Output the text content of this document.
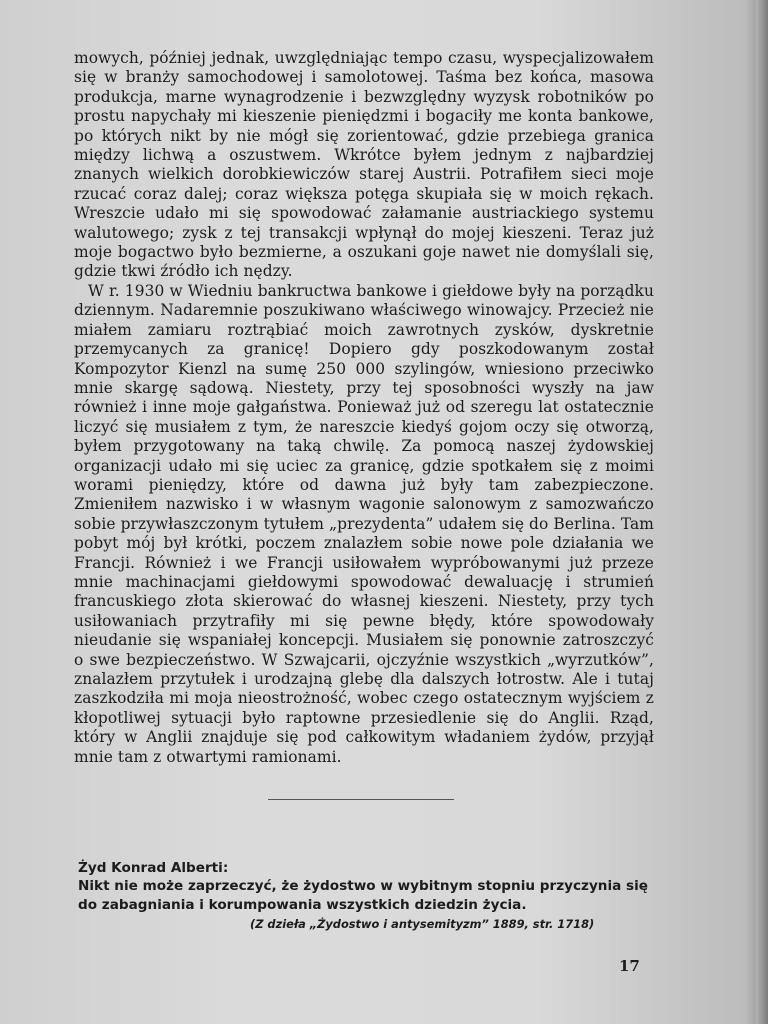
mowych, później jednak, uwzględniając tempo czasu, wyspecjalizowałem się w branży samochodowej i samolotowej. Taśma bez końca, masowa produkcja, marne wynagrodzenie i bezwzględny wyzysk robotników po prostu napychały mi kieszenie pieniędzmi i bogaciły me konta bankowe, po których nikt by nie mógł się zorientować, gdzie przebiega granica między lichwą a oszustwem. Wkrótce byłem jednym z najbardziej znanych wielkich dorobkiewiczów starej Austrii. Potrafiłem sieci moje rzucać coraz dalej; coraz większa potęga skupiała się w moich rękach. Wreszcie udało mi się spowodować załamanie austriackiego systemu walutowego; zysk z tej transakcji wpłynął do mojej kieszeni. Teraz już moje bogactwo było bezmierne, a oszukani goje nawet nie domyślali się, gdzie tkwi źródło ich nędzy.

W r. 1930 w Wiedniu bankructwa bankowe i giełdowe były na porządku dziennym. Nadaremnie poszukiwano właściwego winowajcy. Przecież nie miałem zamiaru roztrąbiać moich zawrotnych zysków, dyskretnie przemycanych za granicę! Dopiero gdy poszkodowanym został Kompozytor Kienzl na sumę 250 000 szylingów, wniesiono przeciwko mnie skargę sądową. Niestety, przy tej sposobności wyszły na jaw również i inne moje gałgaństwa. Ponieważ już od szeregu lat ostatecznie liczyć się musiałem z tym, że nareszcie kiedyś gojom oczy się otworzą, byłem przygotowany na taką chwilę. Za pomocą naszej żydowskiej organizacji udało mi się uciec za granicę, gdzie spotkałem się z moimi worami pieniędzy, które od dawna już były tam zabezpieczone. Zmieniłem nazwisko i w własnym wagonie salonowym z samozwańczo sobie przywłaszczonym tytułem „prezydenta” udałem się do Berlina. Tam pobyt mój był krótki, poczem znalazłem sobie nowe pole działania we Francji. Również i we Francji usiłowałem wypróbowanymi już przeze mnie machinacjami giełdowymi spowodować dewaluację i strumień francuskiego złota skierować do własnej kieszeni. Niestety, przy tych usiłowaniach przytrafiły mi się pewne błędy, które spowodowały nieudanie się wspaniałej koncepcji. Musiałem się ponownie zatroszczyć o swe bezpieczeństwo. W Szwajcarii, ojczyźnie wszystkich „wyrzutków”, znalazłem przytułek i urodzajną glebę dla dalszych łotrostw. Ale i tutaj zaszkodziła mi moja nieostrożność, wobec czego ostatecznym wyjściem z kłopotliwej sytuacji było raptowne przesiedlenie się do Anglii. Rząd, który w Anglii znajduje się pod całkowitym władaniem żydów, przyjął mnie tam z otwartymi ramionami.

Żyd Konrad Alberti:

Nikt nie może zaprzeczyć, że żydostwo w wybitnym stopniu przyczynia się do zabagniania i korumpowania wszystkich dziedzin życia.

(Z dzieła „Żydostwo i antysemityzm” 1889, str. 1718)
17
